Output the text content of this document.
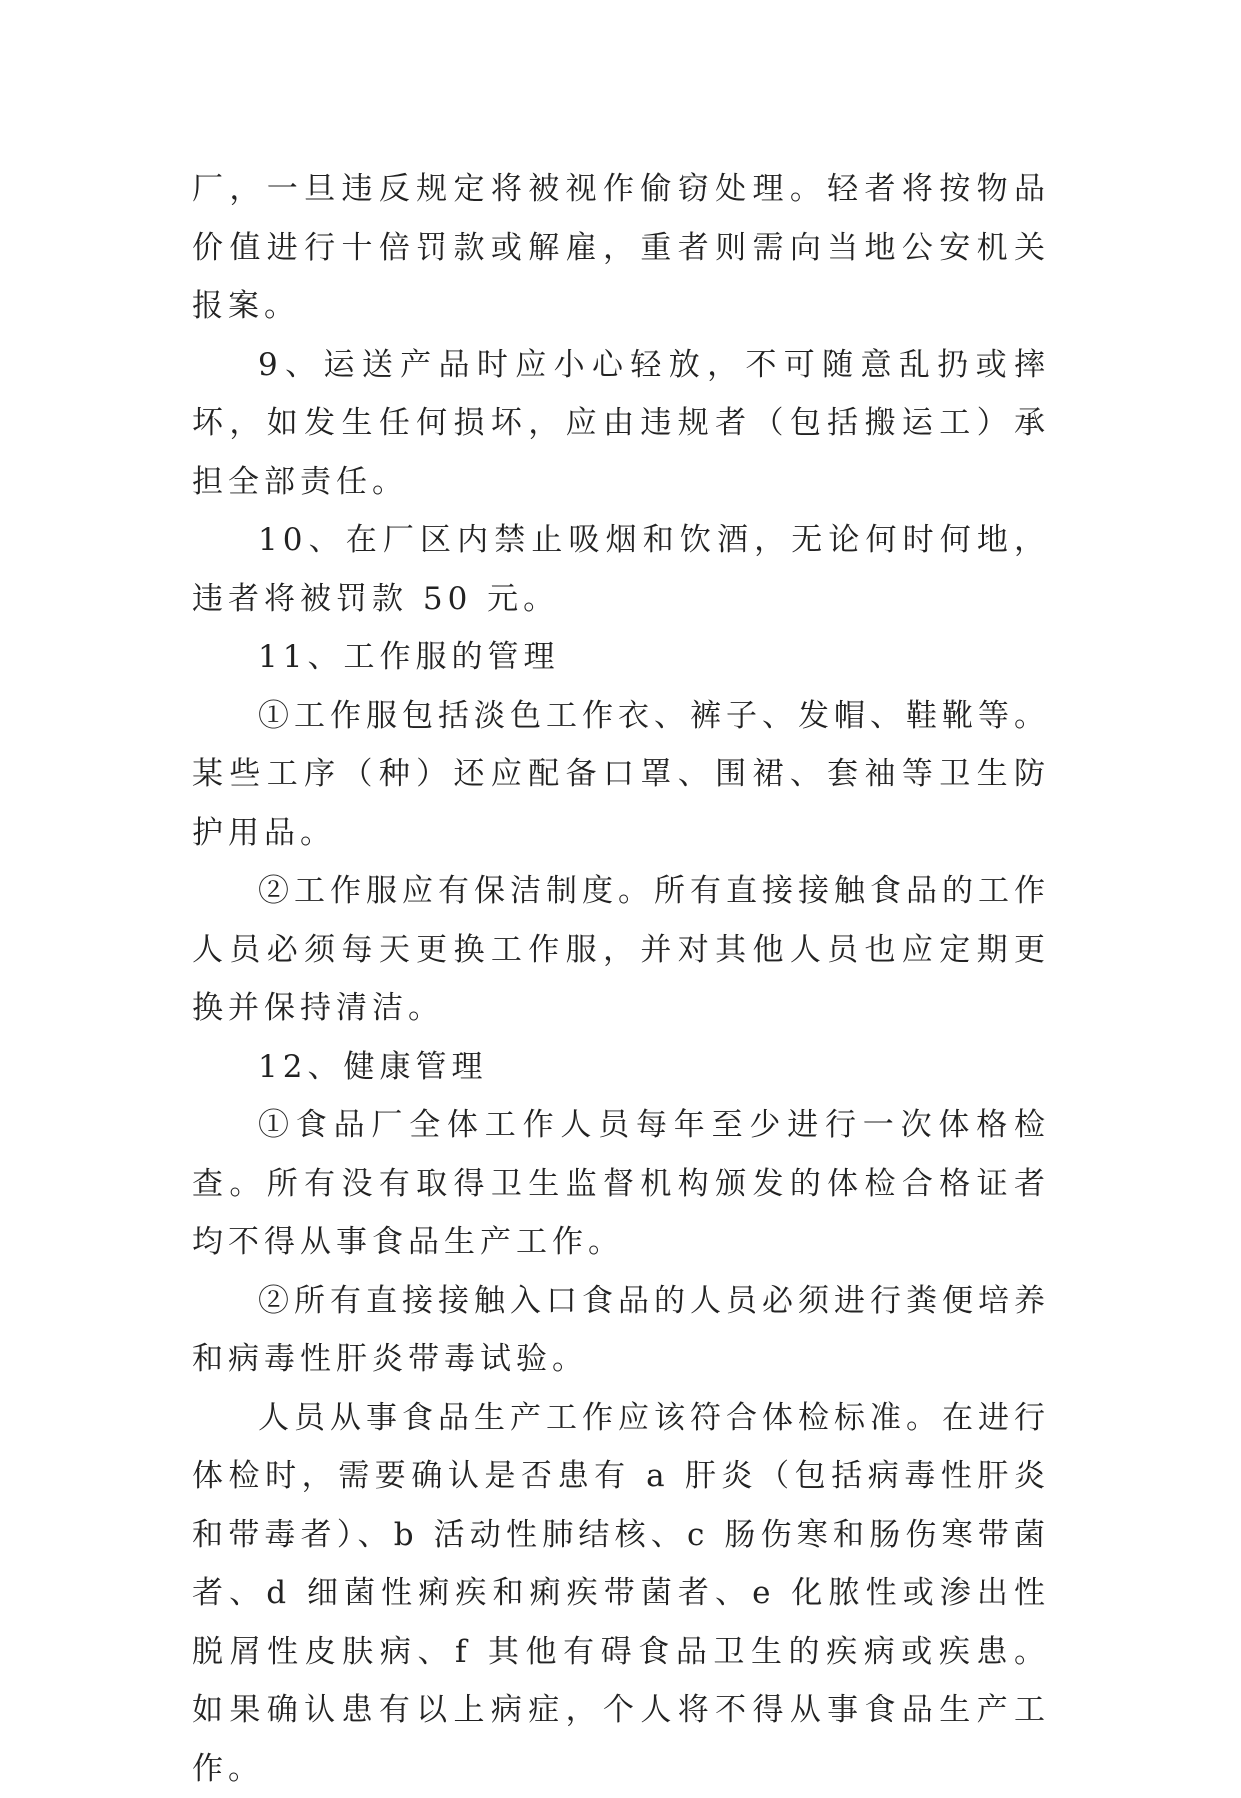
厂，一旦违反规定将被视作偷窃处理。轻者将按物品价值进行十倍罚款或解雇，重者则需向当地公安机关报案。

9、运送产品时应小心轻放，不可随意乱扔或摔坏，如发生任何损坏，应由违规者（包括搬运工）承担全部责任。

10、在厂区内禁止吸烟和饮酒，无论何时何地，违者将被罚款 50 元。

11、工作服的管理

①工作服包括淡色工作衣、裤子、发帽、鞋靴等。某些工序（种）还应配备口罩、围裙、套袖等卫生防护用品。

②工作服应有保洁制度。所有直接接触食品的工作人员必须每天更换工作服，并对其他人员也应定期更换并保持清洁。

12、健康管理

①食品厂全体工作人员每年至少进行一次体格检查。所有没有取得卫生监督机构颁发的体检合格证者均不得从事食品生产工作。

②所有直接接触入口食品的人员必须进行粪便培养和病毒性肝炎带毒试验。

人员从事食品生产工作应该符合体检标准。在进行体检时，需要确认是否患有 a 肝炎（包括病毒性肝炎和带毒者）、b 活动性肺结核、c 肠伤寒和肠伤寒带菌者、d 细菌性痢疾和痢疾带菌者、e 化脓性或渗出性脱屑性皮肤病、f 其他有碍食品卫生的疾病或疾患。如果确认患有以上病症，个人将不得从事食品生产工作。
